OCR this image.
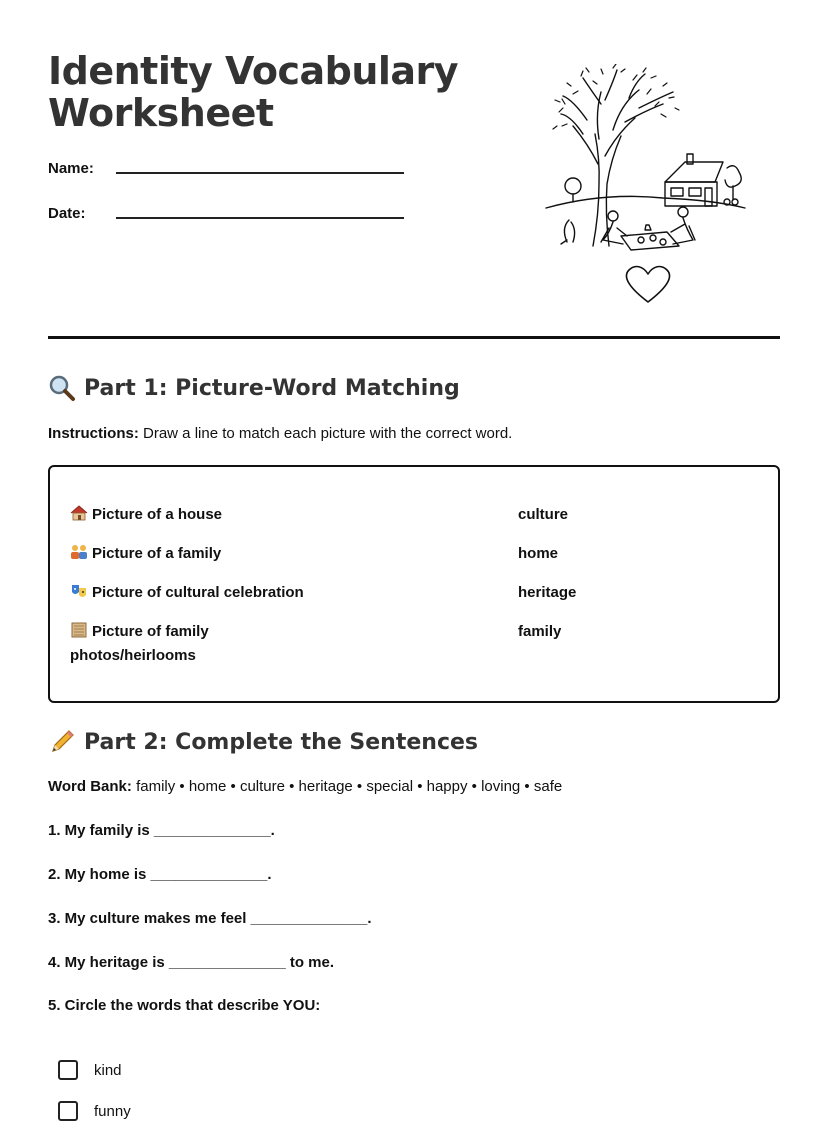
Identity Vocabulary
Worksheet
Name:
Date:
Part 1: Picture-Word Matching
Instructions: Draw a line to match each picture with the correct word.
Picture of a house
Picture of a family
Picture of cultural celebration
Picture of family photos/heirlooms
culture
home
heritage
family
Part 2: Complete the Sentences
Word Bank: family • home • culture • heritage • special • happy • loving • safe
1. My family is ______________.
2. My home is ______________.
3. My culture makes me feel ______________.
4. My heritage is ______________ to me.
5. Circle the words that describe YOU:
kind
funny
